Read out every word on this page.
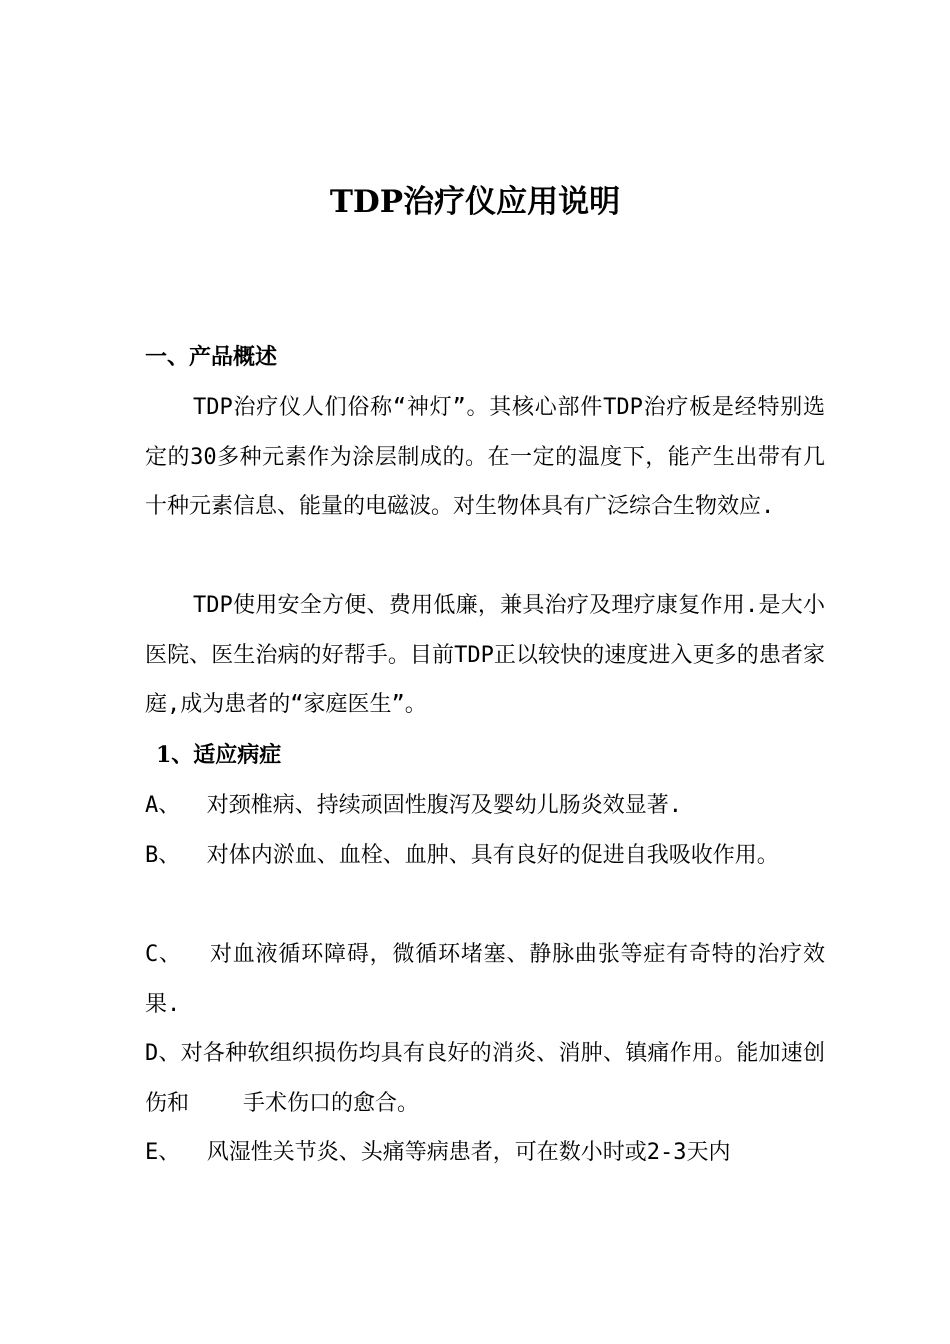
TDP治疗仪应用说明
一、产品概述

TDP治疗仪人们俗称“神灯”。其核心部件TDP治疗板是经特别选定的30多种元素作为涂层制成的。在一定的温度下，能产生出带有几十种元素信息、能量的电磁波。对生物体具有广泛综合生物效应.

TDP使用安全方便、费用低廉，兼具治疗及理疗康复作用.是大小医院、医生治病的好帮手。目前TDP正以较快的速度进入更多的患者家庭,成为患者的“家庭医生”。

1、适应病症

A、 对颈椎病、持续顽固性腹泻及婴幼儿肠炎效显著.

B、 对体内淤血、血栓、血肿、具有良好的促进自我吸收作用。

C、 对血液循环障碍，微循环堵塞、静脉曲张等症有奇特的治疗效果.

D、对各种软组织损伤均具有良好的消炎、消肿、镇痛作用。能加速创伤和 手术伤口的愈合。

E、 风湿性关节炎、头痛等病患者，可在数小时或2-3天内
